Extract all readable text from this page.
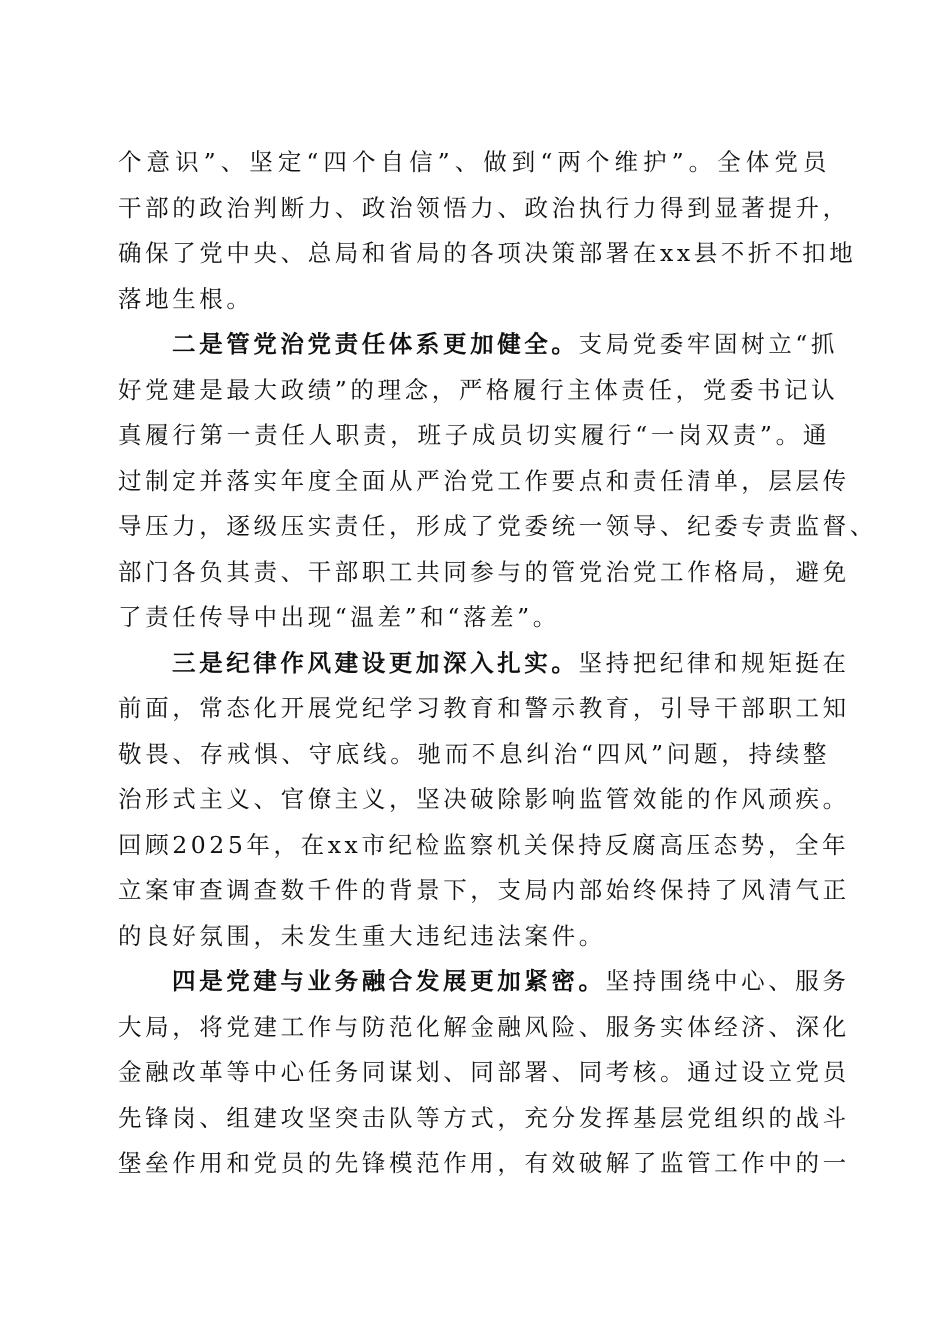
个意识”、坚定“四个自信”、做到“两个维护”。全体党员
干部的政治判断力、政治领悟力、政治执行力得到显著提升，
确保了党中央、总局和省局的各项决策部署在xx县不折不扣地
落地生根。
二是管党治党责任体系更加健全。支局党委牢固树立“抓
好党建是最大政绩”的理念，严格履行主体责任，党委书记认
真履行第一责任人职责，班子成员切实履行“一岗双责”。通
过制定并落实年度全面从严治党工作要点和责任清单，层层传
导压力，逐级压实责任，形成了党委统一领导、纪委专责监督、
部门各负其责、干部职工共同参与的管党治党工作格局，避免
了责任传导中出现“温差”和“落差”。
三是纪律作风建设更加深入扎实。坚持把纪律和规矩挺在
前面，常态化开展党纪学习教育和警示教育，引导干部职工知
敬畏、存戒惧、守底线。驰而不息纠治“四风”问题，持续整
治形式主义、官僚主义，坚决破除影响监管效能的作风顽疾。
回顾2025年，在xx市纪检监察机关保持反腐高压态势，全年
立案审查调查数千件的背景下，支局内部始终保持了风清气正
的良好氛围，未发生重大违纪违法案件。
四是党建与业务融合发展更加紧密。坚持围绕中心、服务
大局，将党建工作与防范化解金融风险、服务实体经济、深化
金融改革等中心任务同谋划、同部署、同考核。通过设立党员
先锋岗、组建攻坚突击队等方式，充分发挥基层党组织的战斗
堡垒作用和党员的先锋模范作用，有效破解了监管工作中的一
